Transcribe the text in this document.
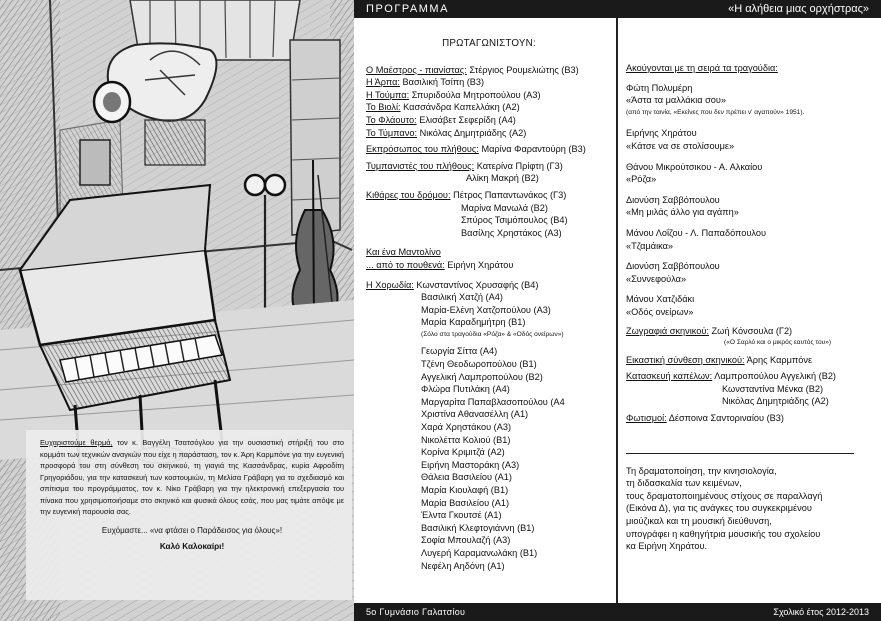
Ευχαριστούμε θερμά, τον κ. Βαγγέλη Τσατσόγλου για την ουσιαστική στήριξή του στο κομμάτι των τεχνικών αναγκών που είχε η παράσταση, τον κ. Άρη Καρμπόνε για την ευγενική προσφορά του στη σύνθεση του σκηνικού, τη γιαγιά της Κασσάνδρας, κυρία Αφροδίτη Γρηγοριάδου, για την κατασκευή των κοστουμιών, τη Μελίσα Γράβαρη για το σχεδιασμό και σπίτισμα του προγράμματος, τον κ. Νίκο Γράβαρη για την ηλεκτρονική επεξεργασία του πίνακα που χρησιμοποιήσαμε στο σκηνικό και φυσικά όλους εσάς, που μας τιμάτε απόψε με την ευγενική παρουσία σας.

Ευχόμαστε... «να φτάσει ο Παράδεισος για όλους»!

Καλό Καλοκαίρι!

ΠΡΟΓΡΑΜΜΑ	«Η αλήθεια μιας ορχήστρας»
ΠΡΩΤΑΓΩΝΙΣΤΟΥΝ:
Ο Μαέστρος - πιανίστας: Στέργιος Ρουμελιώτης (Β3)
Η Άρπα: Βασιλική Τσίπη (Β3)
Η Τούμπα: Σπυριδούλα Μητροπούλου (Α3)
Το Βιολί: Κασσάνδρα Καπελλάκη (Α2)
Το Φλάουτο: Ελισάβετ Σεφερίδη (Α4)
Το Τύμπανο: Νικόλας Δημητριάδης (Α2)
Εκπρόσωπος του πλήθους: Μαρίνα Φαραντούρη (Β3)
Τυμπανιστές του πλήθους: Κατερίνα Πρίφτη (Γ3)
Αλίκη Μακρή (Β2)
Κιθάρες του δρόμου: Πέτρος Παπαντωνάκος (Γ3)
Μαρίνα Μανωλά (Β2)
Σπύρος Τσιμόπουλος (Β4)
Βασίλης Χρηστάκος (Α3)
Και ένα Μαντολίνο
... από το πουθενά: Ειρήνη Χηράτου
Η Χορωδία: Κωνσταντίνος Χρυσαφής (Β4)
Βασιλική Χατζή (Α4)
Μαρία-Ελένη Χατζοπούλου (Α3)
Μαρία Καραδημήτρη (Β1)
(Σόλο στα τραγούδια «Ρόζα» & «Οδός ονείρων»)
Γεωργία Σίττα (Α4)
Τζένη Θεοδωροπούλου (Β1)
Αγγελική Λαμπροπούλου (Β2)
Φλώρα Πυτιλάκη (Α4)
Μαργαρίτα Παπαβλασοπούλου (Α4
Χριστίνα Αθανασέλλη (Α1)
Χαρά Χρηστάκου (Α3)
Νικολέττα Κολιού (Β1)
Κορίνα Κριμιτζά (Α2)
Ειρήνη Μαστοράκη (Α3)
Θάλεια Βασιλείου (Α1)
Μαρία Κιουλαφή (Β1)
Μαρία Βασιλείου (Α1)
Έλντα Γκουτσέ (Α1)
Βασιλική Κλεφτογιάννη (Β1)
Σοφία Μπουλαζή (Α3)
Λυγερή Καραμανωλάκη (Β1)
Νεφέλη Αηδόνη (Α1)
Ακούγονται με τη σειρά τα τραγούδια:
Φώτη Πολυμέρη
«Άστα τα μαλλάκια σου»
(από την ταινία, «Εκείνες που δεν πρέπει ν' αγαπούν» 1951).
Ειρήνης Χηράτου
«Κάτσε να σε στολίσουμε»
Θάνου Μικρούτσικου - Α. Αλκαίου
«Ρόζα»
Διονύση Σαββόπουλου
«Μη μιλάς άλλο για αγάπη»
Μάνου Λοΐζου - Λ. Παπαδόπουλου
«Τζαμάικα»
Διονύση Σαββόπουλου
«Συννεφούλα»
Μάνου Χατζιδάκι
«Οδός ονείρων»
Ζωγραφιά σκηνικού: Ζωή Κόνσουλα (Γ2)
(«Ο Σαρλό και ο μικρός εαυτός του»)
Εικαστική σύνθεση σκηνικού: Άρης Καρμπόνε
Κατασκευή καπέλων: Λαμπροπούλου Αγγελική (Β2)
Κωνσταντίνα Μένκα (Β2)
Νικόλας Δημητριάδης (Α2)
Φωτισμοί: Δέσποινα Σαντοριναίου (Β3)
Τη δραματοποίηση, την κινησιολογία,
τη διδασκαλία των κειμένων,
τους δραματοποιημένους στίχους σε παραλλαγή
(Εικόνα Δ), για τις ανάγκες του συγκεκριμένου
μιούζικαλ και τη μουσική διεύθυνση,
υπογράφει η καθηγήτρια μουσικής του σχολείου
κα Ειρήνη Χηράτου.
5ο Γυμνάσιο Γαλατσίου	Σχολικό έτος 2012-2013
